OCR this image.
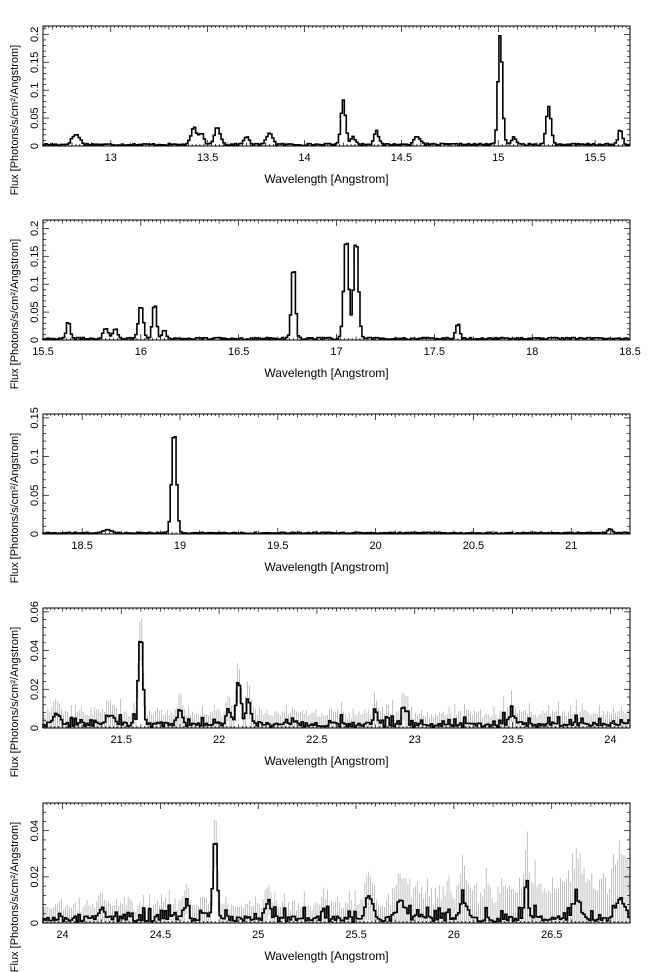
13	13.5	14	14.5	15	15.5
0
0.05
0.1
0.15
0.2
Wavelength [Angstrom]
Flux [Photons/s/cm²/Angstrom]
15.5	16	16.5	17	17.5	18	18.5
0
0.05
0.1
0.15
0.2
Wavelength [Angstrom]
Flux [Photons/s/cm²/Angstrom]
18.5	19	19.5	20	20.5	21
0
0.05
0.1
0.15
Wavelength [Angstrom]
Flux [Photons/s/cm²/Angstrom]
21.5	22	22.5	23	23.5	24
0
0.02
0.04
0.06
Wavelength [Angstrom]
Flux [Photons/s/cm²/Angstrom]
24	24.5	25	25.5	26	26.5
0
0.02
0.04
Wavelength [Angstrom]
Flux [Photons/s/cm²/Angstrom]
